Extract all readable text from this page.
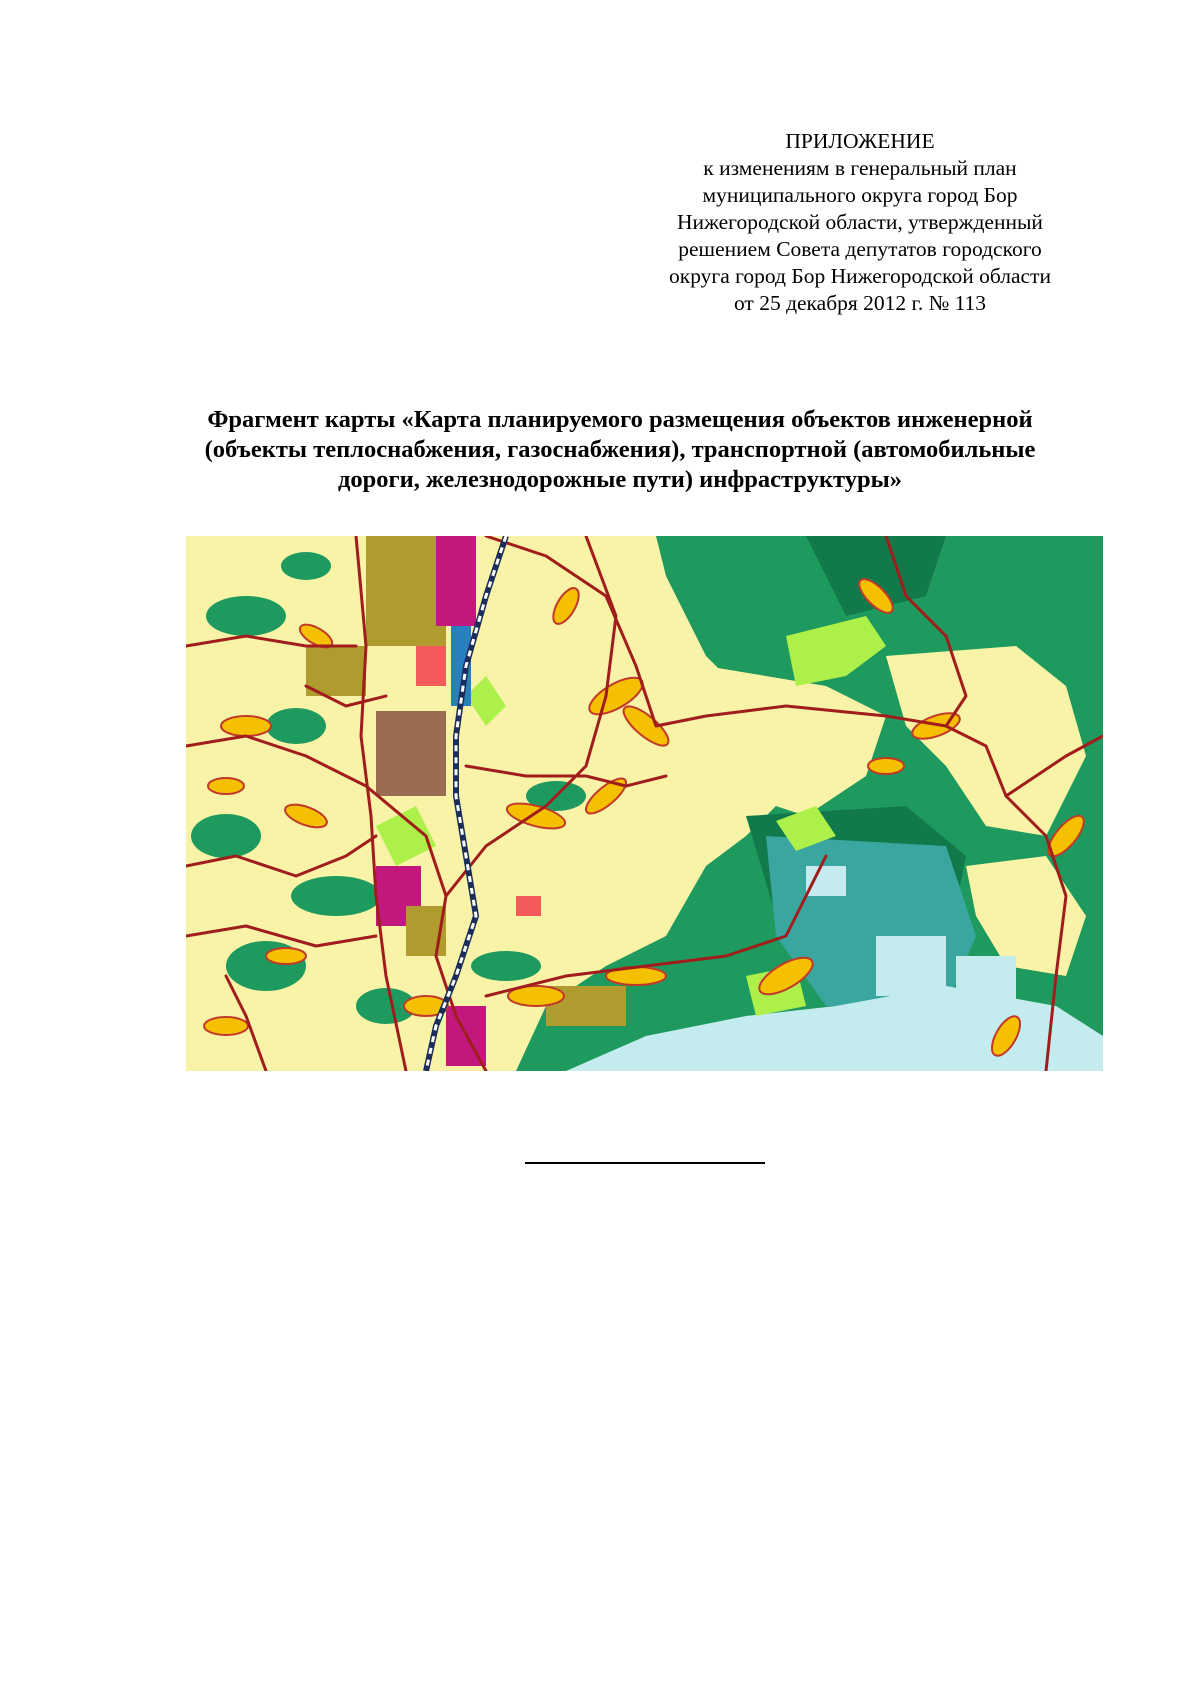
ПРИЛОЖЕНИЕ
к изменениям в генеральный план
муниципального округа город Бор
Нижегородской области, утвержденный
решением Совета депутатов городского
округа город Бор Нижегородской области
от 25 декабря 2012 г. № 113
Фрагмент карты «Карта планируемого размещения объектов инженерной
(объекты теплоснабжения, газоснабжения), транспортной (автомобильные
дороги, железнодорожные пути) инфраструктуры»
